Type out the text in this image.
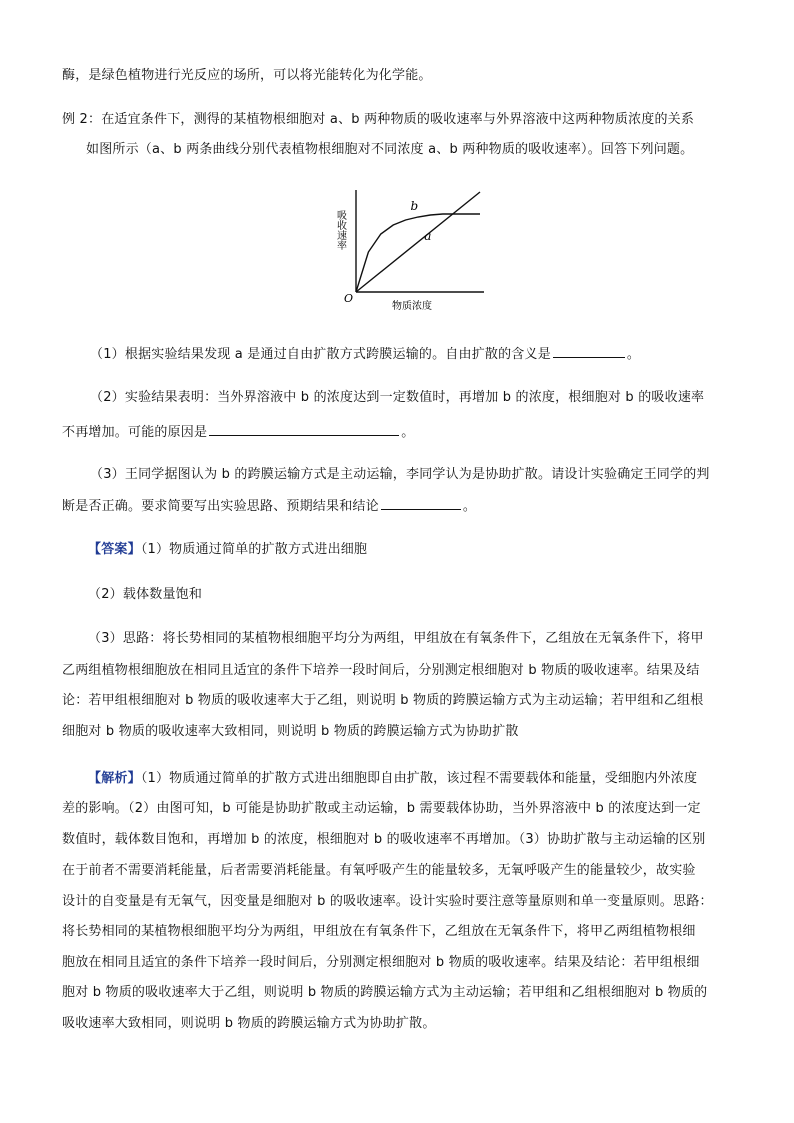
酶，是绿色植物进行光反应的场所，可以将光能转化为化学能。
例 2：在适宜条件下，测得的某植物根细胞对 a、b 两种物质的吸收速率与外界溶液中这两种物质浓度的关系
如图所示（a、b 两条曲线分别代表植物根细胞对不同浓度 a、b 两种物质的吸收速率）。回答下列问题。
O
物质浓度
吸收速率	a
b
（1）根据实验结果发现 a 是通过自由扩散方式跨膜运输的。自由扩散的含义是	。
（2）实验结果表明：当外界溶液中 b 的浓度达到一定数值时，再增加 b 的浓度，根细胞对 b 的吸收速率
不再增加。可能的原因是	。
（3）王同学据图认为 b 的跨膜运输方式是主动运输，李同学认为是协助扩散。请设计实验确定王同学的判
断是否正确。要求简要写出实验思路、预期结果和结论	。
【答案】（1）物质通过简单的扩散方式进出细胞
（2）载体数量饱和
（3）思路：将长势相同的某植物根细胞平均分为两组，甲组放在有氧条件下，乙组放在无氧条件下，将甲
乙两组植物根细胞放在相同且适宜的条件下培养一段时间后，分别测定根细胞对 b 物质的吸收速率。结果及结
论：若甲组根细胞对 b 物质的吸收速率大于乙组，则说明 b 物质的跨膜运输方式为主动运输；若甲组和乙组根
细胞对 b 物质的吸收速率大致相同，则说明 b 物质的跨膜运输方式为协助扩散
【解析】（1）物质通过简单的扩散方式进出细胞即自由扩散，该过程不需要载体和能量，受细胞内外浓度
差的影响。（2）由图可知，b 可能是协助扩散或主动运输，b 需要载体协助，当外界溶液中 b 的浓度达到一定
数值时，载体数目饱和，再增加 b 的浓度，根细胞对 b 的吸收速率不再增加。（3）协助扩散与主动运输的区别
在于前者不需要消耗能量，后者需要消耗能量。有氧呼吸产生的能量较多，无氧呼吸产生的能量较少，故实验
设计的自变量是有无氧气，因变量是细胞对 b 的吸收速率。设计实验时要注意等量原则和单一变量原则。思路：
将长势相同的某植物根细胞平均分为两组，甲组放在有氧条件下，乙组放在无氧条件下，将甲乙两组植物根细
胞放在相同且适宜的条件下培养一段时间后，分别测定根细胞对 b 物质的吸收速率。结果及结论：若甲组根细
胞对 b 物质的吸收速率大于乙组，则说明 b 物质的跨膜运输方式为主动运输；若甲组和乙组根细胞对 b 物质的
吸收速率大致相同，则说明 b 物质的跨膜运输方式为协助扩散。
